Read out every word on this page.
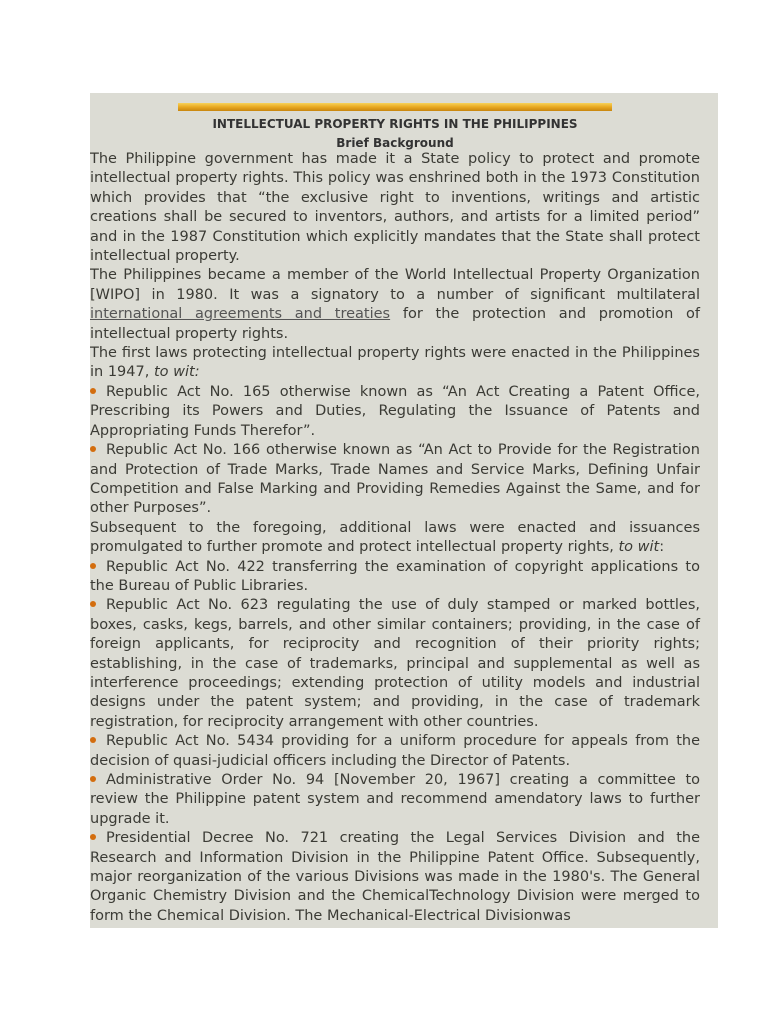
INTELLECTUAL PROPERTY RIGHTS IN THE PHILIPPINES
Brief Background

The Philippine government has made it a State policy to protect and promote intellectual property rights. This policy was enshrined both in the 1973 Constitution which provides that “the exclusive right to inventions, writings and artistic creations shall be secured to inventors, authors, and artists for a limited period” and in the 1987 Constitution which explicitly mandates that the State shall protect intellectual property.

The Philippines became a member of the World Intellectual Property Organization [WIPO] in 1980. It was a signatory to a number of significant multilateral international agreements and treaties for the protection and promotion of intellectual property rights.

The first laws protecting intellectual property rights were enacted in the Philippines in 1947, to wit:

Republic Act No. 165 otherwise known as “An Act Creating a Patent Office, Prescribing its Powers and Duties, Regulating the Issuance of Patents and Appropriating Funds Therefor”.

Republic Act No. 166 otherwise known as “An Act to Provide for the Registration and Protection of Trade Marks, Trade Names and Service Marks, Defining Unfair Competition and False Marking and Providing Remedies Against the Same, and for other Purposes”.

Subsequent to the foregoing, additional laws were enacted and issuances promulgated to further promote and protect intellectual property rights, to wit:

Republic Act No. 422 transferring the examination of copyright applications to the Bureau of Public Libraries.

Republic Act No. 623 regulating the use of duly stamped or marked bottles, boxes, casks, kegs, barrels, and other similar containers; providing, in the case of foreign applicants, for reciprocity and recognition of their priority rights; establishing, in the case of trademarks, principal and supplemental as well as interference proceedings; extending protection of utility models and industrial designs under the patent system; and providing, in the case of trademark registration, for reciprocity arrangement with other countries.

Republic Act No. 5434 providing for a uniform procedure for appeals from the decision of quasi-judicial officers including the Director of Patents.

Administrative Order No. 94 [November 20, 1967] creating a committee to review the Philippine patent system and recommend amendatory laws to further upgrade it.

Presidential Decree No. 721 creating the Legal Services Division and the Research and Information Division in the Philippine Patent Office. Subsequently, major reorganization of the various Divisions was made in the 1980's. The General Organic Chemistry Division and the ChemicalTechnology Division were merged to form the Chemical Division. The Mechanical-Electrical Divisionwas
